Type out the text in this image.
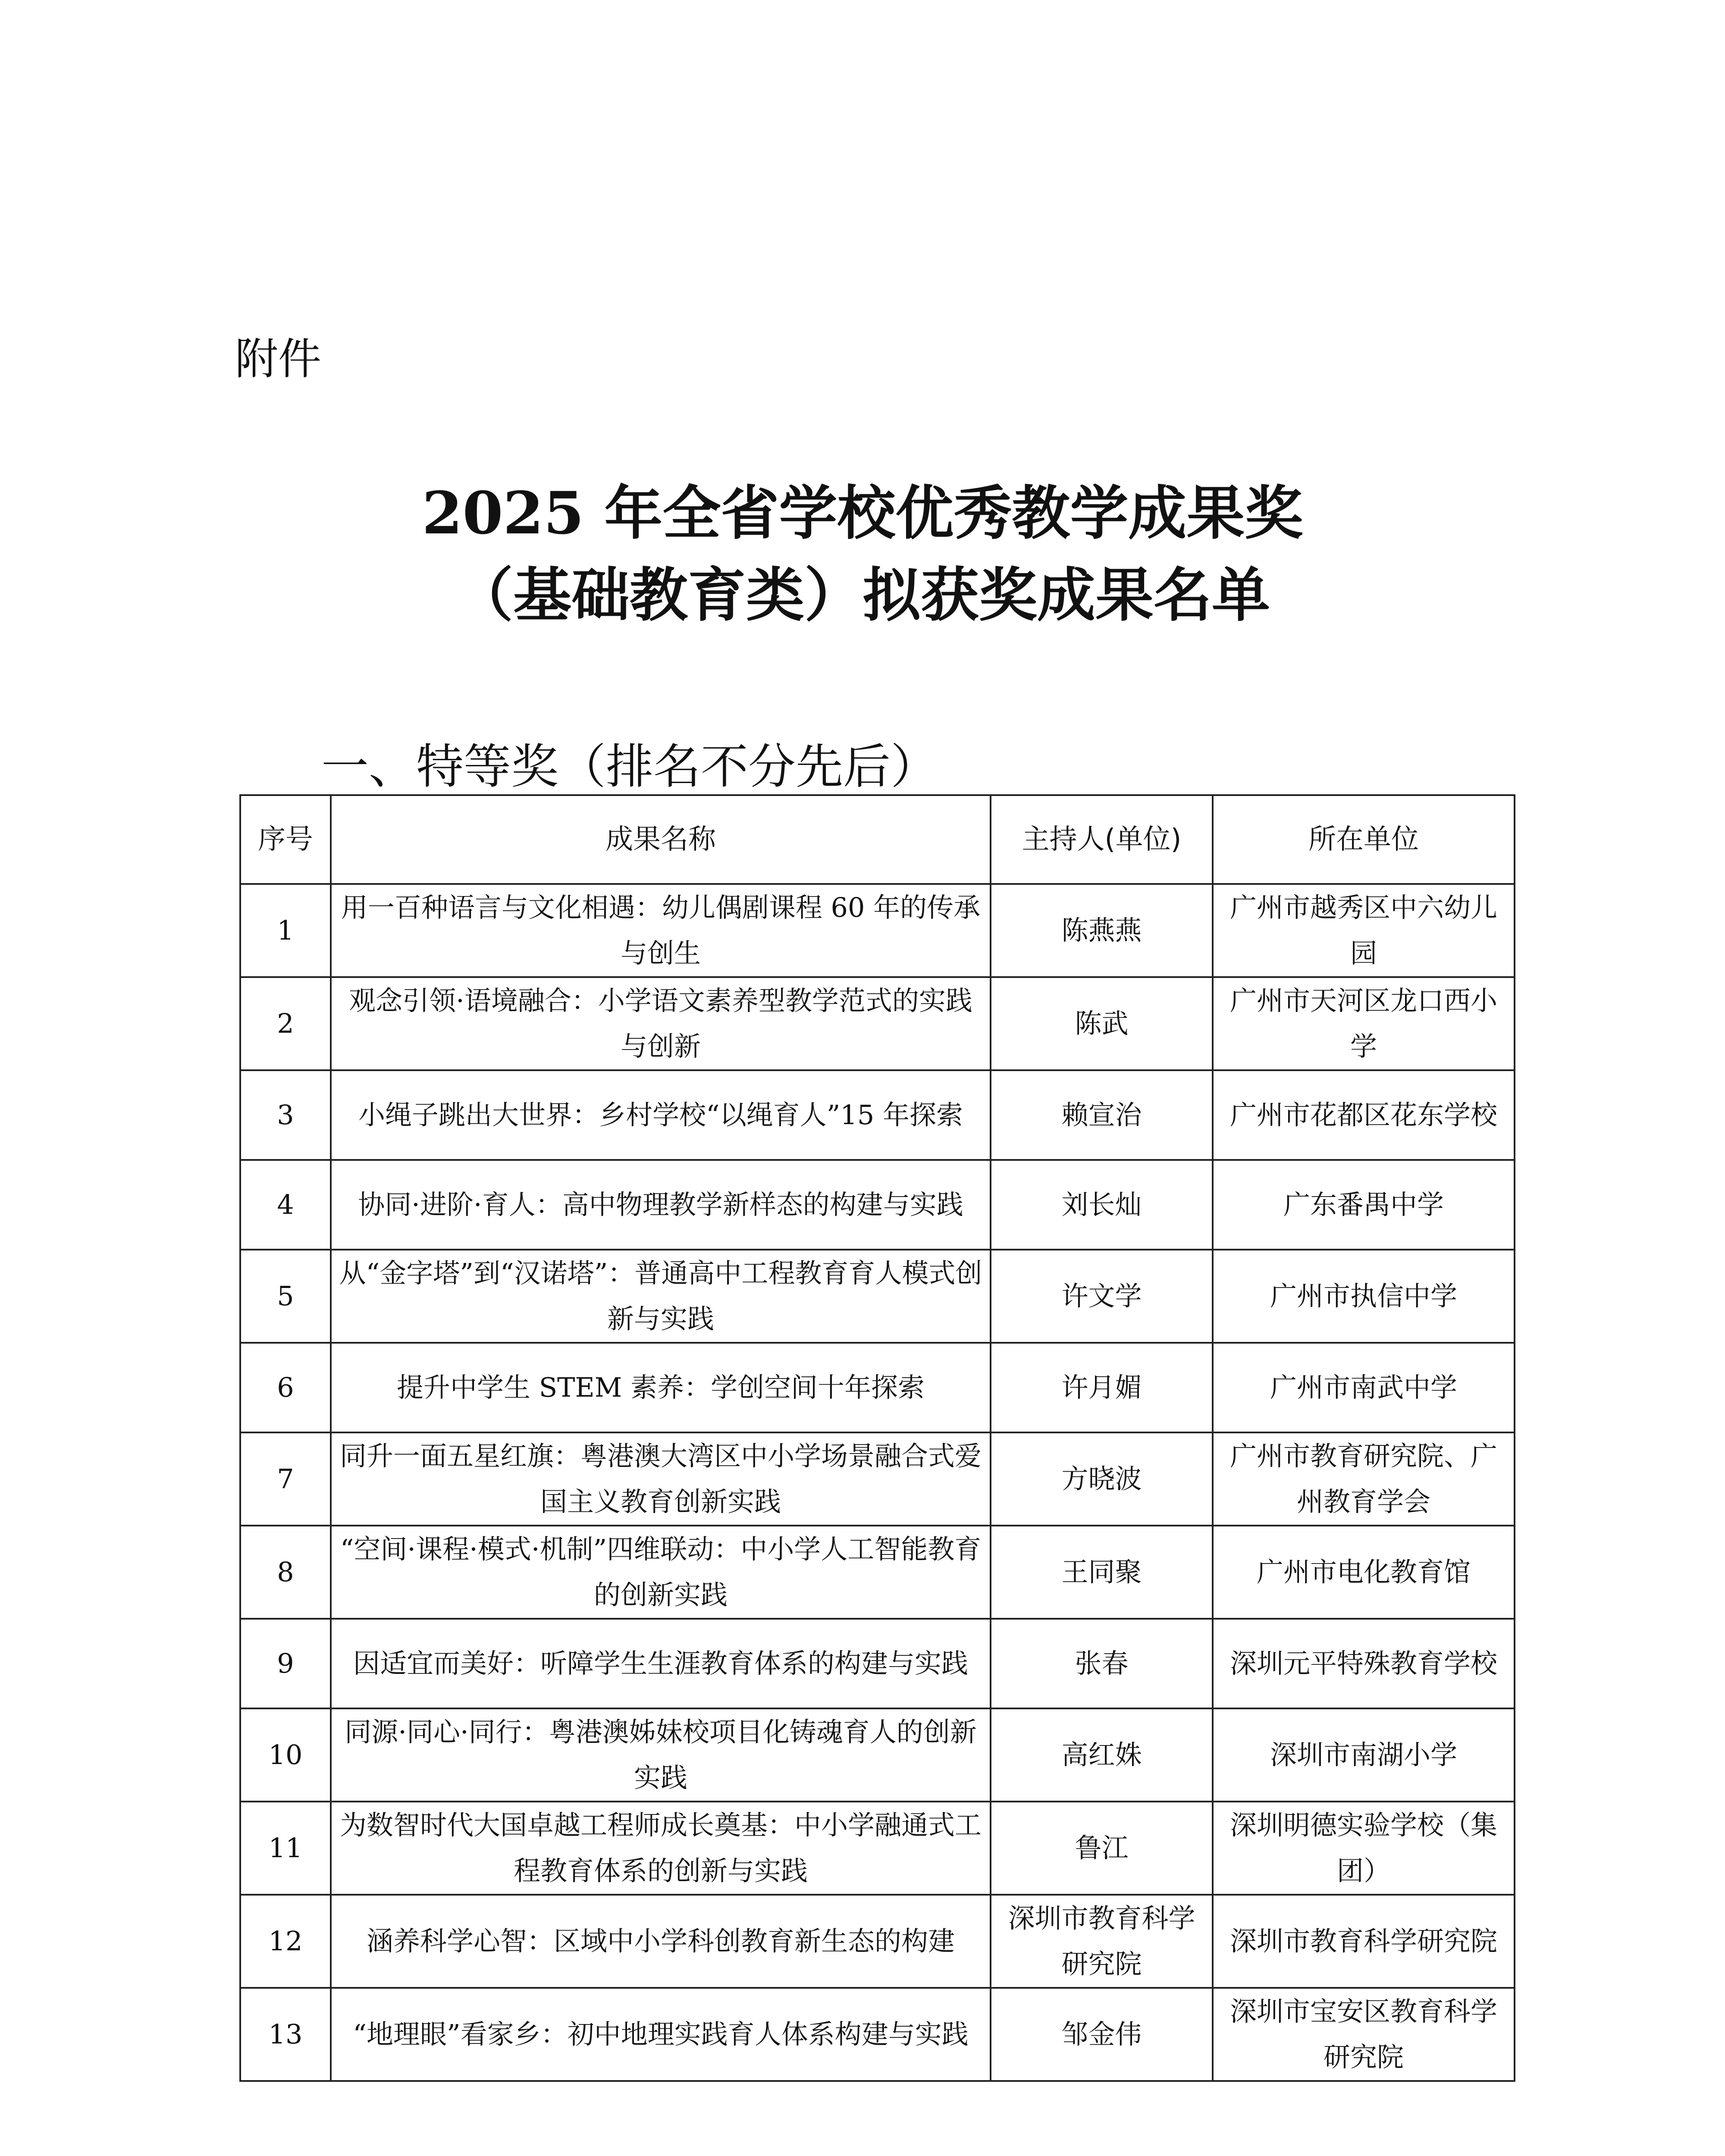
附件
2025 年全省学校优秀教学成果奖
（基础教育类）拟获奖成果名单
一、特等奖（排名不分先后）
序号	成果名称	主持人(单位)	所在单位
1	用一百种语言与文化相遇：幼儿偶剧课程 60 年的传承与创生	陈燕燕	广州市越秀区中六幼儿园
2	观念引领·语境融合：小学语文素养型教学范式的实践与创新	陈武	广州市天河区龙口西小学
3	小绳子跳出大世界：乡村学校“以绳育人”15 年探索	赖宣治	广州市花都区花东学校
4	协同·进阶·育人：高中物理教学新样态的构建与实践	刘长灿	广东番禺中学
5	从“金字塔”到“汉诺塔”：普通高中工程教育育人模式创新与实践	许文学	广州市执信中学
6	提升中学生 STEM 素养：学创空间十年探索	许月媚	广州市南武中学
7	同升一面五星红旗：粤港澳大湾区中小学场景融合式爱国主义教育创新实践	方晓波	广州市教育研究院、广州教育学会
8	“空间·课程·模式·机制”四维联动：中小学人工智能教育的创新实践	王同聚	广州市电化教育馆
9	因适宜而美好：听障学生生涯教育体系的构建与实践	张春	深圳元平特殊教育学校
10	同源·同心·同行：粤港澳姊妹校项目化铸魂育人的创新实践	高红姝	深圳市南湖小学
11	为数智时代大国卓越工程师成长奠基：中小学融通式工程教育体系的创新与实践	鲁江	深圳明德实验学校（集团）
12	涵养科学心智：区域中小学科创教育新生态的构建	深圳市教育科学研究院	深圳市教育科学研究院
13	“地理眼”看家乡：初中地理实践育人体系构建与实践	邹金伟	深圳市宝安区教育科学研究院
